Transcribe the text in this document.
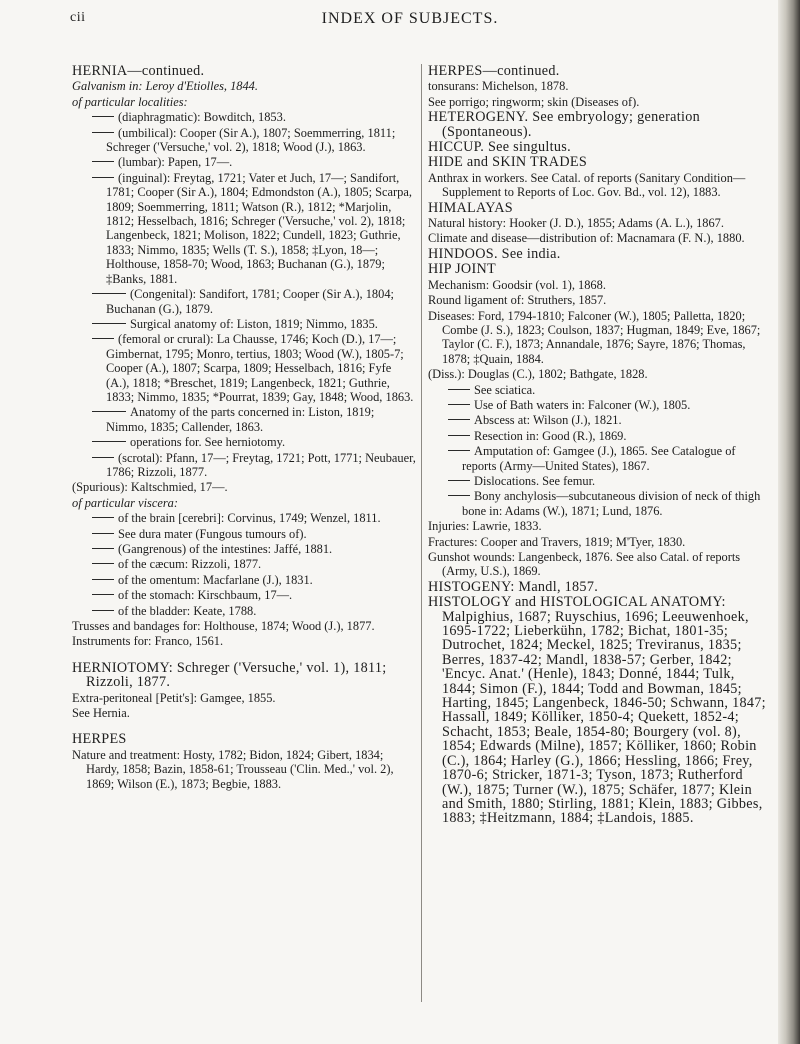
cii	INDEX OF SUBJECTS.
HERNIA—continued.
Galvanism in: Leroy d'Etiolles, 1844.
of particular localities:
(diaphragmatic): Bowditch, 1853.
(umbilical): Cooper (Sir A.), 1807; Soemmerring, 1811; Schreger ('Versuche,' vol. 2), 1818; Wood (J.), 1863.
(lumbar): Papen, 17—.
(inguinal): Freytag, 1721; Vater et Juch, 17—; Sandifort, 1781; Cooper (Sir A.), 1804; Edmondston (A.), 1805; Scarpa, 1809; Soemmerring, 1811; Watson (R.), 1812; *Marjolin, 1812; Hesselbach, 1816; Schreger ('Versuche,' vol. 2), 1818; Langenbeck, 1821; Molison, 1822; Cundell, 1823; Guthrie, 1833; Nimmo, 1835; Wells (T. S.), 1858; ‡Lyon, 18—; Holthouse, 1858-70; Wood, 1863; Buchanan (G.), 1879; ‡Banks, 1881.
(Congenital): Sandifort, 1781; Cooper (Sir A.), 1804; Buchanan (G.), 1879.
Surgical anatomy of: Liston, 1819; Nimmo, 1835.
(femoral or crural): La Chausse, 1746; Koch (D.), 17—; Gimbernat, 1795; Monro, tertius, 1803; Wood (W.), 1805-7; Cooper (A.), 1807; Scarpa, 1809; Hesselbach, 1816; Fyfe (A.), 1818; *Breschet, 1819; Langenbeck, 1821; Guthrie, 1833; Nimmo, 1835; *Pourrat, 1839; Gay, 1848; Wood, 1863.
Anatomy of the parts concerned in: Liston, 1819; Nimmo, 1835; Callender, 1863.
operations for. See herniotomy.
(scrotal): Pfann, 17—; Freytag, 1721; Pott, 1771; Neubauer, 1786; Rizzoli, 1877.
(Spurious): Kaltschmied, 17—.
of particular viscera:
of the brain [cerebri]: Corvinus, 1749; Wenzel, 1811.
See dura mater (Fungous tumours of).
(Gangrenous) of the intestines: Jaffé, 1881.
of the cæcum: Rizzoli, 1877.
of the omentum: Macfarlane (J.), 1831.
of the stomach: Kirschbaum, 17—.
of the bladder: Keate, 1788.
Trusses and bandages for: Holthouse, 1874; Wood (J.), 1877.
Instruments for: Franco, 1561.
HERNIOTOMY: Schreger ('Versuche,' vol. 1), 1811; Rizzoli, 1877.
Extra-peritoneal [Petit's]: Gamgee, 1855.
See Hernia.
HERPES
Nature and treatment: Hosty, 1782; Bidon, 1824; Gibert, 1834; Hardy, 1858; Bazin, 1858-61; Trousseau ('Clin. Med.,' vol. 2), 1869; Wilson (E.), 1873; Begbie, 1883.
HERPES—continued.
tonsurans: Michelson, 1878.
See porrigo; ringworm; skin (Diseases of).
HETEROGENY. See embryology; generation (Spontaneous).
HICCUP. See singultus.
HIDE and SKIN TRADES
Anthrax in workers. See Catal. of reports (Sanitary Condition—Supplement to Reports of Loc. Gov. Bd., vol. 12), 1883.
HIMALAYAS
Natural history: Hooker (J. D.), 1855; Adams (A. L.), 1867.
Climate and disease—distribution of: Macnamara (F. N.), 1880.
HINDOOS. See india.
HIP JOINT
Mechanism: Goodsir (vol. 1), 1868.
Round ligament of: Struthers, 1857.
Diseases: Ford, 1794-1810; Falconer (W.), 1805; Palletta, 1820; Combe (J. S.), 1823; Coulson, 1837; Hugman, 1849; Eve, 1867; Taylor (C. F.), 1873; Annandale, 1876; Sayre, 1876; Thomas, 1878; ‡Quain, 1884.
(Diss.): Douglas (C.), 1802; Bathgate, 1828.
See sciatica.
Use of Bath waters in: Falconer (W.), 1805.
Abscess at: Wilson (J.), 1821.
Resection in: Good (R.), 1869.
Amputation of: Gamgee (J.), 1865. See Catalogue of reports (Army—United States), 1867.
Dislocations. See femur.
Bony anchylosis—subcutaneous division of neck of thigh bone in: Adams (W.), 1871; Lund, 1876.
Injuries: Lawrie, 1833.
Fractures: Cooper and Travers, 1819; M'Tyer, 1830.
Gunshot wounds: Langenbeck, 1876. See also Catal. of reports (Army, U.S.), 1869.
HISTOGENY: Mandl, 1857.
HISTOLOGY and HISTOLOGICAL ANATOMY: Malpighius, 1687; Ruyschius, 1696; Leeuwenhoek, 1695-1722; Lieberkühn, 1782; Bichat, 1801-35; Dutrochet, 1824; Meckel, 1825; Treviranus, 1835; Berres, 1837-42; Mandl, 1838-57; Gerber, 1842; 'Encyc. Anat.' (Henle), 1843; Donné, 1844; Tulk, 1844; Simon (F.), 1844; Todd and Bowman, 1845; Harting, 1845; Langenbeck, 1846-50; Schwann, 1847; Hassall, 1849; Kölliker, 1850-4; Quekett, 1852-4; Schacht, 1853; Beale, 1854-80; Bourgery (vol. 8), 1854; Edwards (Milne), 1857; Kölliker, 1860; Robin (C.), 1864; Harley (G.), 1866; Hessling, 1866; Frey, 1870-6; Stricker, 1871-3; Tyson, 1873; Rutherford (W.), 1875; Turner (W.), 1875; Schäfer, 1877; Klein and Smith, 1880; Stirling, 1881; Klein, 1883; Gibbes, 1883; ‡Heitzmann, 1884; ‡Landois, 1885.
